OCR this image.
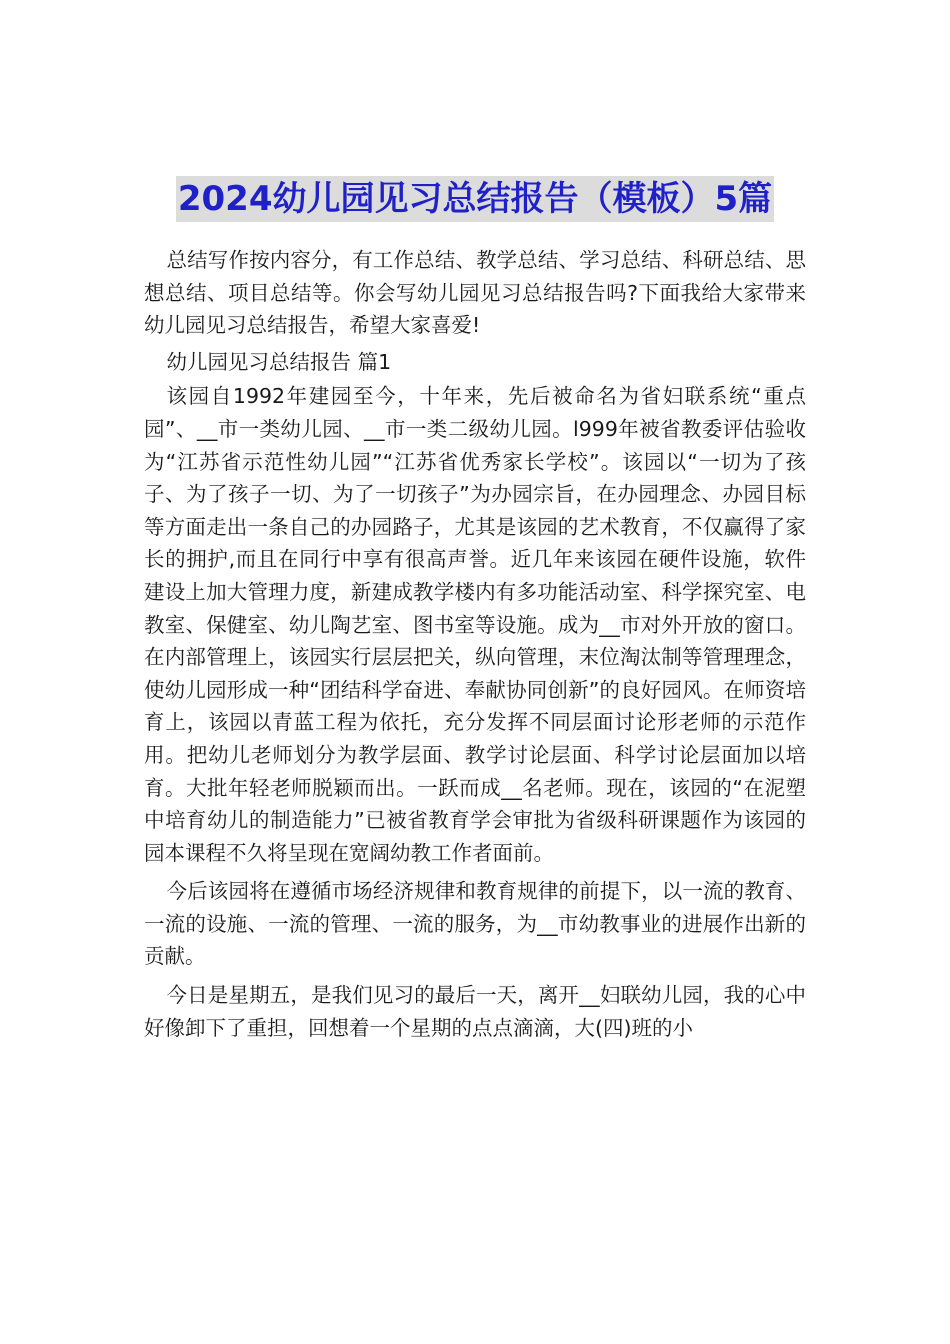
2024幼儿园见习总结报告（模板）5篇

总结写作按内容分，有工作总结、教学总结、学习总结、科研总结、思想总结、项目总结等。你会写幼儿园见习总结报告吗?下面我给大家带来幼儿园见习总结报告，希望大家喜爱!

幼儿园见习总结报告 篇1

该园自1992年建园至今，十年来，先后被命名为省妇联系统“重点园”、__市一类幼儿园、__市一类二级幼儿园。l999年被省教委评估验收为“江苏省示范性幼儿园”“江苏省优秀家长学校”。该园以“一切为了孩子、为了孩子一切、为了一切孩子”为办园宗旨，在办园理念、办园目标等方面走出一条自己的办园路子，尤其是该园的艺术教育，不仅赢得了家长的拥护,而且在同行中享有很高声誉。近几年来该园在硬件设施，软件建设上加大管理力度，新建成教学楼内有多功能活动室、科学探究室、电教室、保健室、幼儿陶艺室、图书室等设施。成为__市对外开放的窗口。在内部管理上，该园实行层层把关，纵向管理，末位淘汰制等管理理念，使幼儿园形成一种“团结科学奋进、奉献协同创新”的良好园风。在师资培育上，该园以青蓝工程为依托，充分发挥不同层面讨论形老师的示范作用。把幼儿老师划分为教学层面、教学讨论层面、科学讨论层面加以培育。大批年轻老师脱颖而出。一跃而成__名老师。现在，该园的“在泥塑中培育幼儿的制造能力”已被省教育学会审批为省级科研课题作为该园的园本课程不久将呈现在宽阔幼教工作者面前。

今后该园将在遵循市场经济规律和教育规律的前提下，以一流的教育、一流的设施、一流的管理、一流的服务，为__市幼教事业的进展作出新的贡献。

今日是星期五，是我们见习的最后一天，离开__妇联幼儿园，我的心中好像卸下了重担，回想着一个星期的点点滴滴，大(四)班的小
